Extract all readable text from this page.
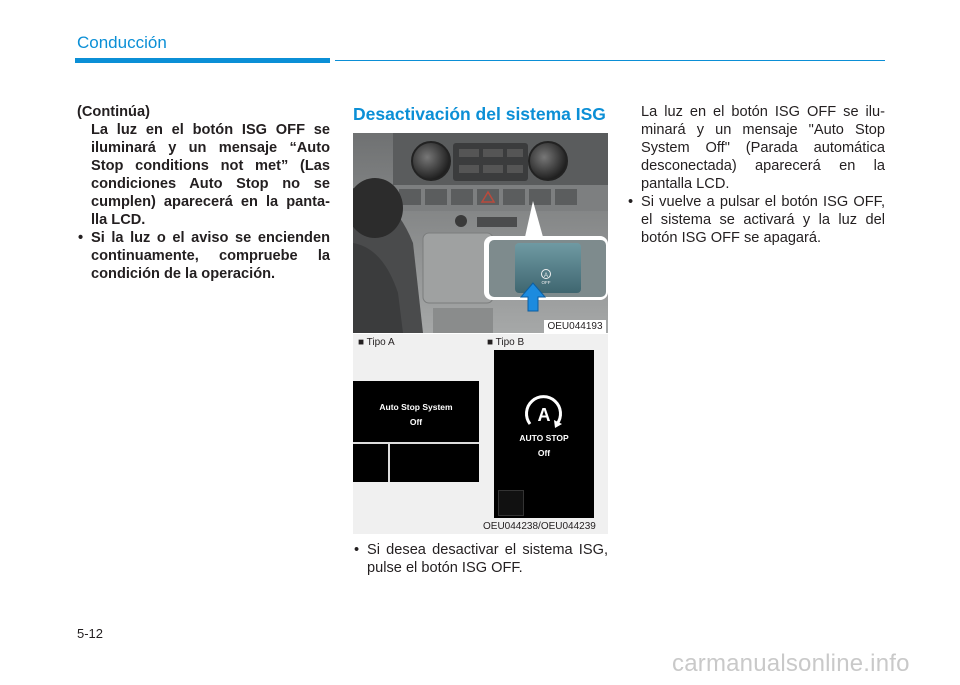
Conducción
(Continúa)
La luz en el botón ISG OFF se iluminará y un mensaje “Auto Stop conditions not met” (Las condiciones Auto Stop no se cumplen) aparecerá en la panta-lla LCD.
• Si la luz o el aviso se encienden continuamente, compruebe la condición de la operación.
Desactivación del sistema ISG
A
OFF
OEU044193
■ Tipo A	■ Tipo B
Auto Stop System
Off	A
AUTO STOP
Off
OEU044238/OEU044239
• Si desea desactivar el sistema ISG, pulse el botón ISG OFF.
La luz en el botón ISG OFF se ilu-minará y un mensaje "Auto Stop System Off" (Parada automática desconectada) aparecerá en la pantalla LCD.
• Si vuelve a pulsar el botón ISG OFF, el sistema se activará y la luz del botón ISG OFF se apagará.
5-12
carmanualsonline.info
